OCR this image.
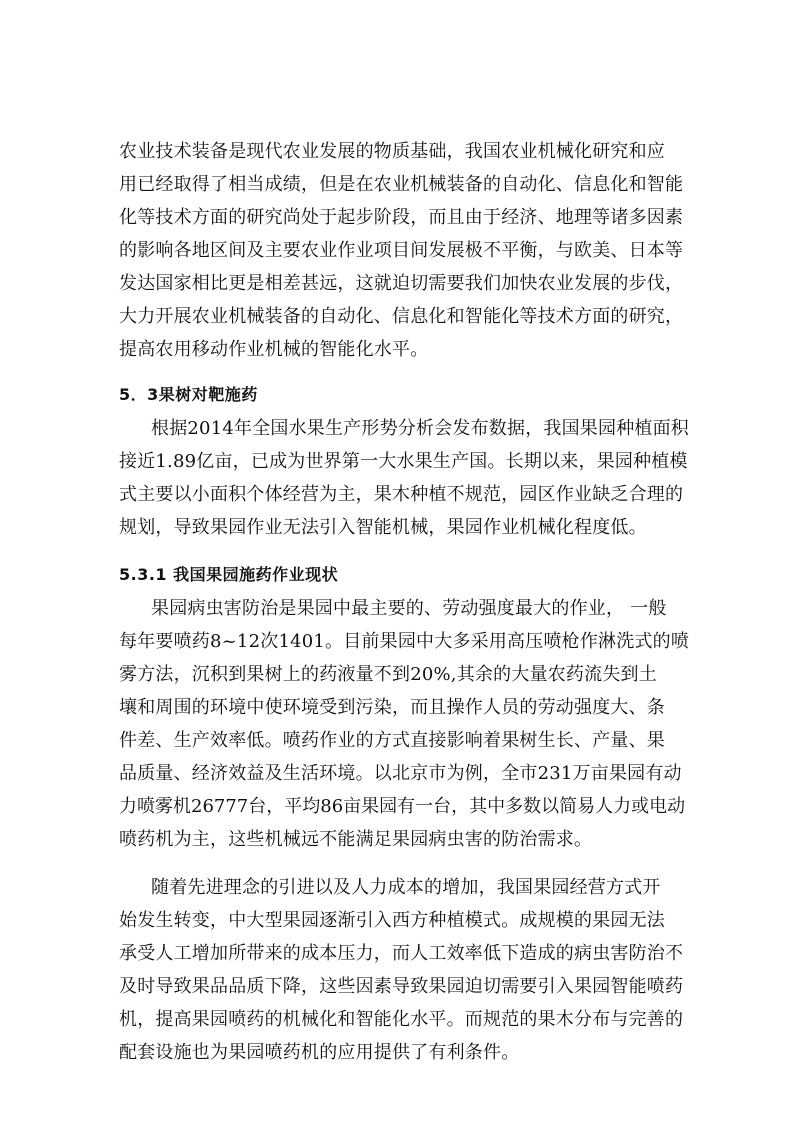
农业技术装备是现代农业发展的物质基础，我国农业机械化研究和应
用已经取得了相当成绩，但是在农业机械装备的自动化、信息化和智能
化等技术方面的研究尚处于起步阶段，而且由于经济、地理等诸多因素
的影响各地区间及主要农业作业项目间发展极不平衡，与欧美、日本等
发达国家相比更是相差甚远，这就迫切需要我们加快农业发展的步伐，
大力开展农业机械装备的自动化、信息化和智能化等技术方面的研究，
提高农用移动作业机械的智能化水平。
5．3果树对靶施药
根据2014年全国水果生产形势分析会发布数据，我国果园种植面积
接近1.89亿亩，已成为世界第一大水果生产国。长期以来，果园种植模
式主要以小面积个体经营为主，果木种植不规范，园区作业缺乏合理的
规划，导致果园作业无法引入智能机械，果园作业机械化程度低。
5.3.1 我国果园施药作业现状
果园病虫害防治是果园中最主要的、劳动强度最大的作业， 一般
每年要喷药8~12次1401。目前果园中大多采用高压喷枪作淋洗式的喷
雾方法，沉积到果树上的药液量不到20%,其余的大量农药流失到土
壤和周围的环境中使环境受到污染，而且操作人员的劳动强度大、条
件差、生产效率低。喷药作业的方式直接影响着果树生长、产量、果
品质量、经济效益及生活环境。以北京市为例，全市231万亩果园有动
力喷雾机26777台，平均86亩果园有一台，其中多数以简易人力或电动
喷药机为主，这些机械远不能满足果园病虫害的防治需求。
随着先进理念的引进以及人力成本的增加，我国果园经营方式开
始发生转变，中大型果园逐渐引入西方种植模式。成规模的果园无法
承受人工增加所带来的成本压力，而人工效率低下造成的病虫害防治不
及时导致果品品质下降，这些因素导致果园迫切需要引入果园智能喷药
机，提高果园喷药的机械化和智能化水平。而规范的果木分布与完善的
配套设施也为果园喷药机的应用提供了有利条件。
